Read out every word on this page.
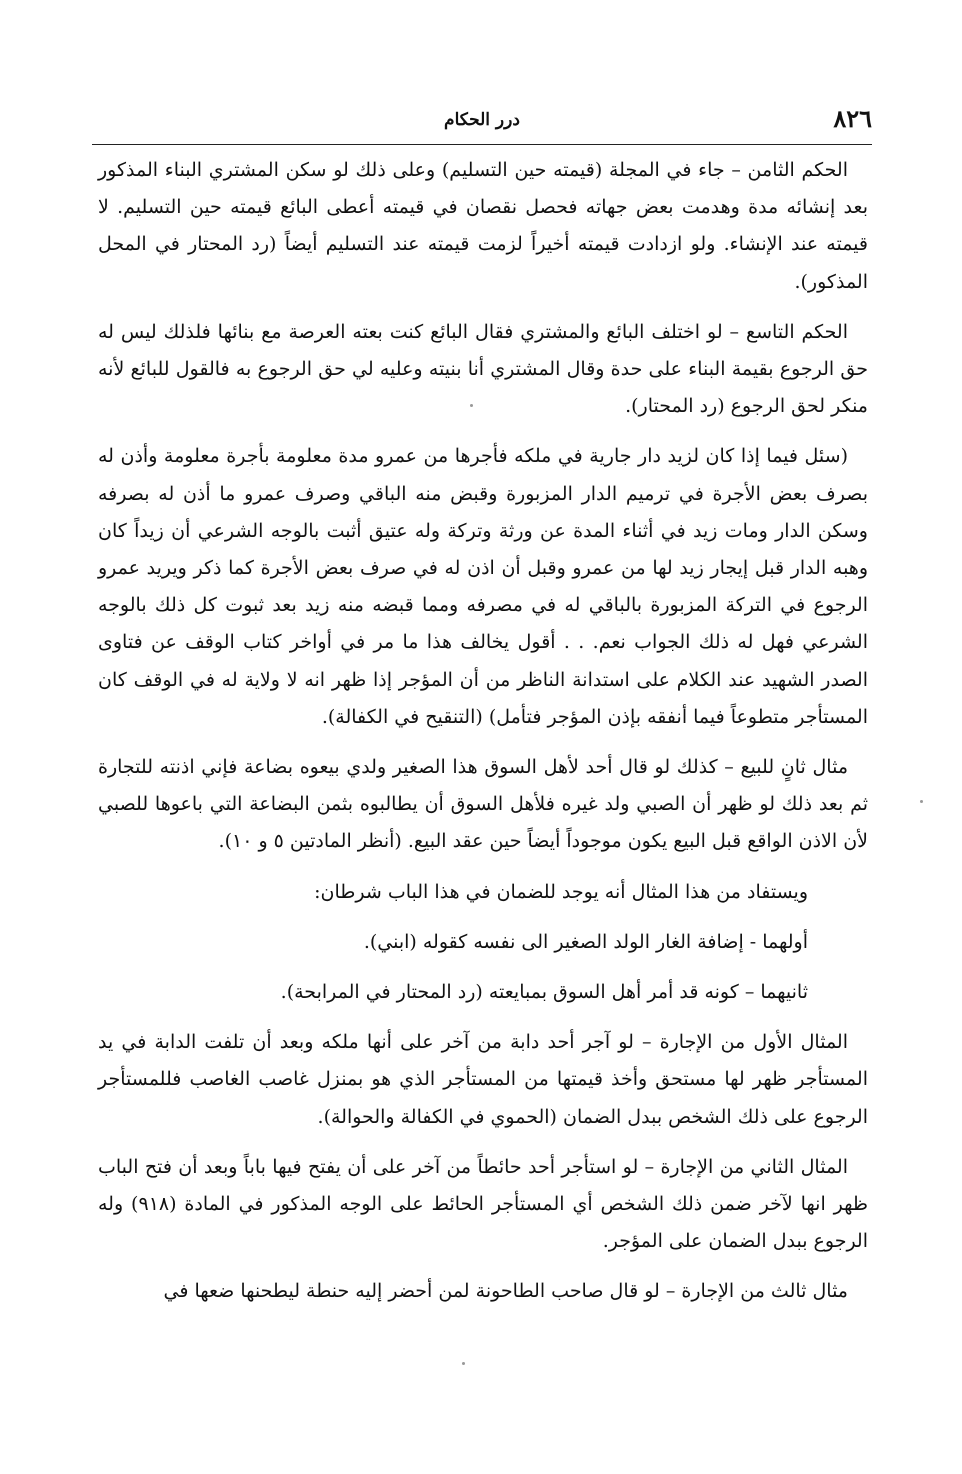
٨٢٦
درر الحكام

الحكم الثامن – جاء في المجلة (قيمته حين التسليم) وعلى ذلك لو سكن المشتري البناء المذكور بعد إنشائه مدة وهدمت بعض جهاته فحصل نقصان في قيمته أعطى البائع قيمته حين التسليم. لا قيمته عند الإنشاء. ولو ازدادت قيمته أخيراً لزمت قيمته عند التسليم أيضاً (رد المحتار في المحل المذكور).

الحكم التاسع – لو اختلف البائع والمشتري فقال البائع كنت بعته العرصة مع بنائها فلذلك ليس له حق الرجوع بقيمة البناء على حدة وقال المشتري أنا بنيته وعليه لي حق الرجوع به فالقول للبائع لأنه منكر لحق الرجوع (رد المحتار).

(سئل فيما إذا كان لزيد دار جارية في ملكه فأجرها من عمرو مدة معلومة بأجرة معلومة وأذن له بصرف بعض الأجرة في ترميم الدار المزبورة وقبض منه الباقي وصرف عمرو ما أذن له بصرفه وسكن الدار ومات زيد في أثناء المدة عن ورثة وتركة وله عتيق أثبت بالوجه الشرعي أن زيداً كان وهبه الدار قبل إيجار زيد لها من عمرو وقبل أن اذن له في صرف بعض الأجرة كما ذكر ويريد عمرو الرجوع في التركة المزبورة بالباقي له في مصرفه ومما قبضه منه زيد بعد ثبوت كل ذلك بالوجه الشرعي فهل له ذلك الجواب نعم. . . أقول يخالف هذا ما مر في أواخر كتاب الوقف عن فتاوى الصدر الشهيد عند الكلام على استدانة الناظر من أن المؤجر إذا ظهر انه لا ولاية له في الوقف كان المستأجر متطوعاً فيما أنفقه بإذن المؤجر فتأمل) (التنقيح في الكفالة).

مثال ثانٍ للبيع – كذلك لو قال أحد لأهل السوق هذا الصغير ولدي بيعوه بضاعة فإني اذنته للتجارة ثم بعد ذلك لو ظهر أن الصبي ولد غيره فلأهل السوق أن يطالبوه بثمن البضاعة التي باعوها للصبي لأن الاذن الواقع قبل البيع يكون موجوداً أيضاً حين عقد البيع. (أنظر المادتين ٥ و ١٠).

ويستفاد من هذا المثال أنه يوجد للضمان في هذا الباب شرطان:

أولهما - إضافة الغار الولد الصغير الى نفسه كقوله (ابني).

ثانيهما – كونه قد أمر أهل السوق بمبايعته (رد المحتار في المرابحة).

المثال الأول من الإجارة – لو آجر أحد دابة من آخر على أنها ملكه وبعد أن تلفت الدابة في يد المستأجر ظهر لها مستحق وأخذ قيمتها من المستأجر الذي هو بمنزل غاصب الغاصب فللمستأجر الرجوع على ذلك الشخص ببدل الضمان (الحموي في الكفالة والحوالة).

المثال الثاني من الإجارة – لو استأجر أحد حائطاً من آخر على أن يفتح فيها باباً وبعد أن فتح الباب ظهر انها لآخر ضمن ذلك الشخص أي المستأجر الحائط على الوجه المذكور في المادة (٩١٨) وله الرجوع ببدل الضمان على المؤجر.

مثال ثالث من الإجارة – لو قال صاحب الطاحونة لمن أحضر إليه حنطة ليطحنها ضعها في
